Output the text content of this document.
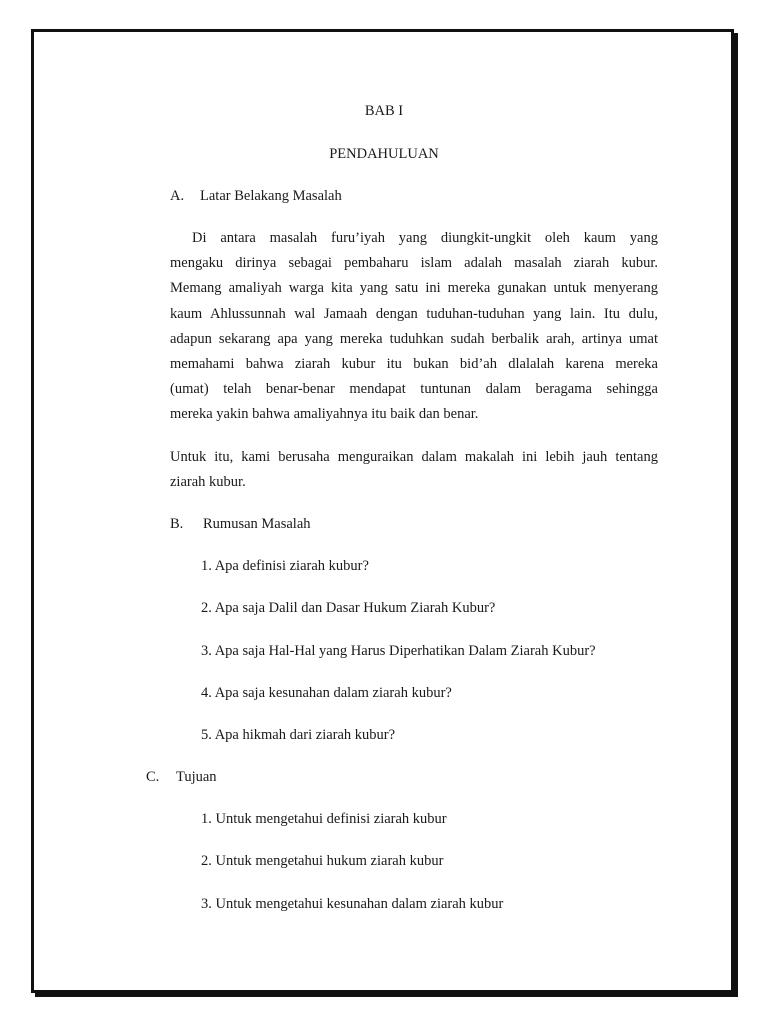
BAB I
PENDAHULUAN
A. Latar Belakang Masalah
Di antara masalah furu’iyah yang diungkit-ungkit oleh kaum yang
mengaku dirinya sebagai pembaharu islam adalah masalah ziarah kubur.
Memang amaliyah warga kita yang satu ini mereka gunakan untuk menyerang
kaum Ahlussunnah wal Jamaah dengan tuduhan-tuduhan yang lain. Itu dulu,
adapun sekarang apa yang mereka tuduhkan sudah berbalik arah, artinya umat
memahami bahwa ziarah kubur itu bukan bid’ah dlalalah karena mereka
(umat) telah benar-benar mendapat tuntunan dalam beragama sehingga
mereka yakin bahwa amaliyahnya itu baik dan benar.
Untuk itu, kami berusaha menguraikan dalam makalah ini lebih jauh tentang
ziarah kubur.
B. Rumusan Masalah
1. Apa definisi ziarah kubur?
2. Apa saja Dalil dan Dasar Hukum Ziarah Kubur?
3. Apa saja Hal-Hal yang Harus Diperhatikan Dalam Ziarah Kubur?
4. Apa saja kesunahan dalam ziarah kubur?
5. Apa hikmah dari ziarah kubur?
C. Tujuan
1. Untuk mengetahui definisi ziarah kubur
2. Untuk mengetahui hukum ziarah kubur
3. Untuk mengetahui kesunahan dalam ziarah kubur
